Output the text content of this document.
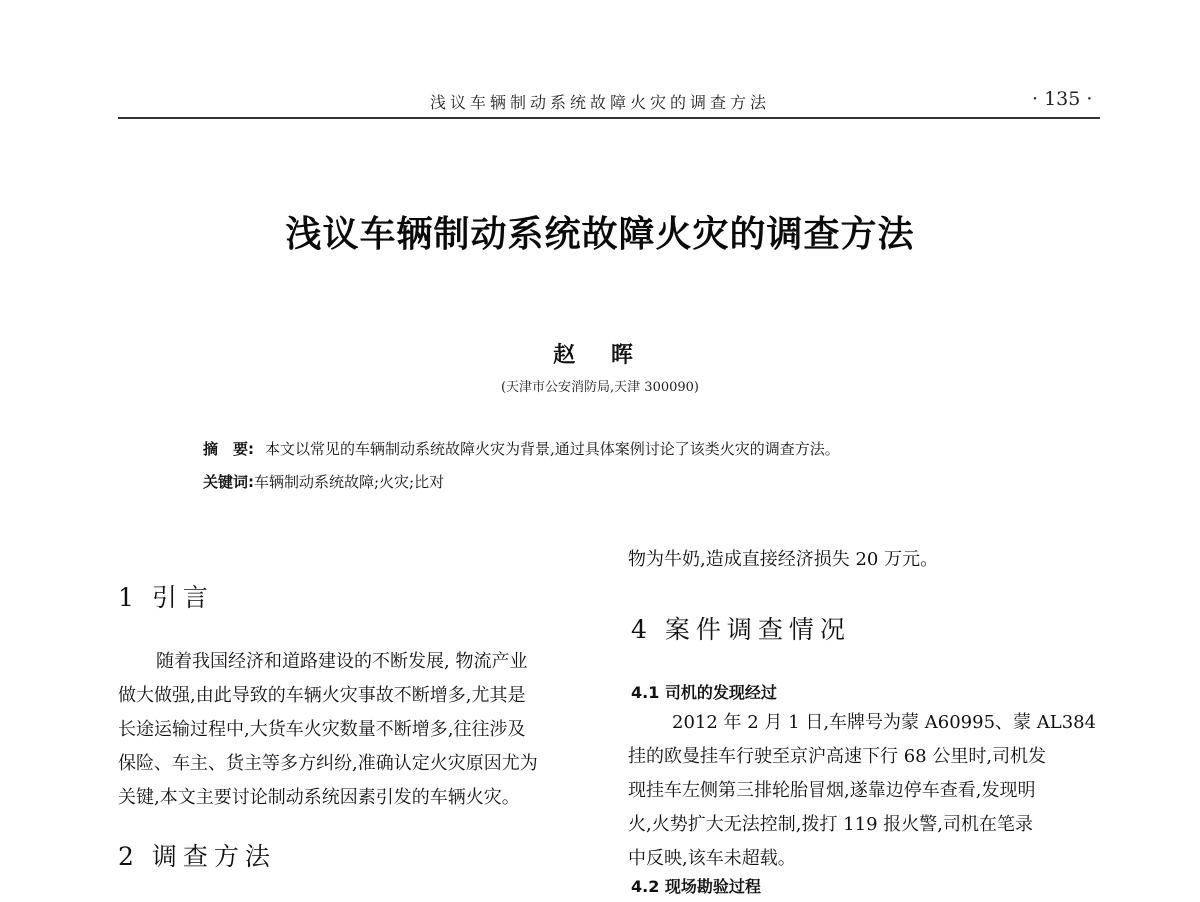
浅议车辆制动系统故障火灾的调查方法	· 135 ·
浅议车辆制动系统故障火灾的调查方法
赵 晖
(天津市公安消防局,天津 300090)
摘　要: 本文以常见的车辆制动系统故障火灾为背景,通过具体案例讨论了该类火灾的调查方法。
关键词:车辆制动系统故障;火灾;比对
1 引言
随着我国经济和道路建设的不断发展, 物流产业
做大做强,由此导致的车辆火灾事故不断增多,尤其是
长途运输过程中,大货车火灾数量不断增多,往往涉及
保险、车主、货主等多方纠纷,准确认定火灾原因尤为
关键,本文主要讨论制动系统因素引发的车辆火灾。
2 调查方法
物为牛奶,造成直接经济损失 20 万元。
4 案件调查情况
4.1 司机的发现经过
2012 年 2 月 1 日,车牌号为蒙 A60995、蒙 AL384
挂的欧曼挂车行驶至京沪高速下行 68 公里时,司机发
现挂车左侧第三排轮胎冒烟,遂靠边停车查看,发现明
火,火势扩大无法控制,拨打 119 报火警,司机在笔录
中反映,该车未超载。
4.2 现场勘验过程
